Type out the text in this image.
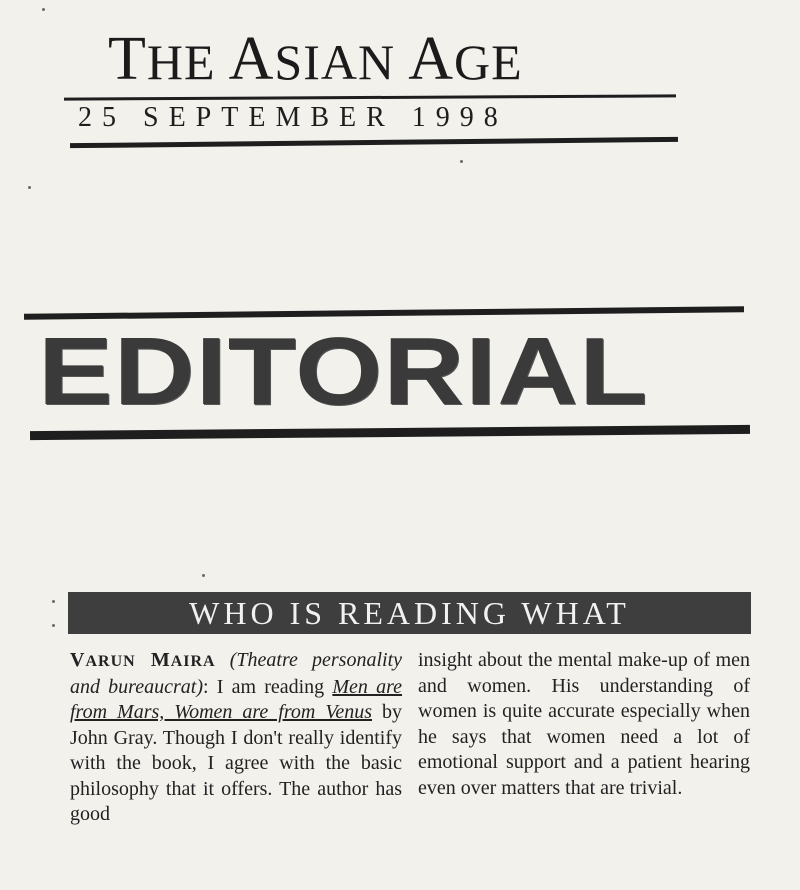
THE ASIAN AGE
25 SEPTEMBER 1998
EDITORIAL
WHO IS READING WHAT

VARUN MAIRA (Theatre personality and bureaucrat): I am reading Men are from Mars, Women are from Venus by John Gray. Though I don't really identify with the book, I agree with the basic philosophy that it offers. The author has good

insight about the mental make-up of men and women. His understanding of women is quite accurate especially when he says that women need a lot of emotional support and a patient hearing even over matters that are trivial.
